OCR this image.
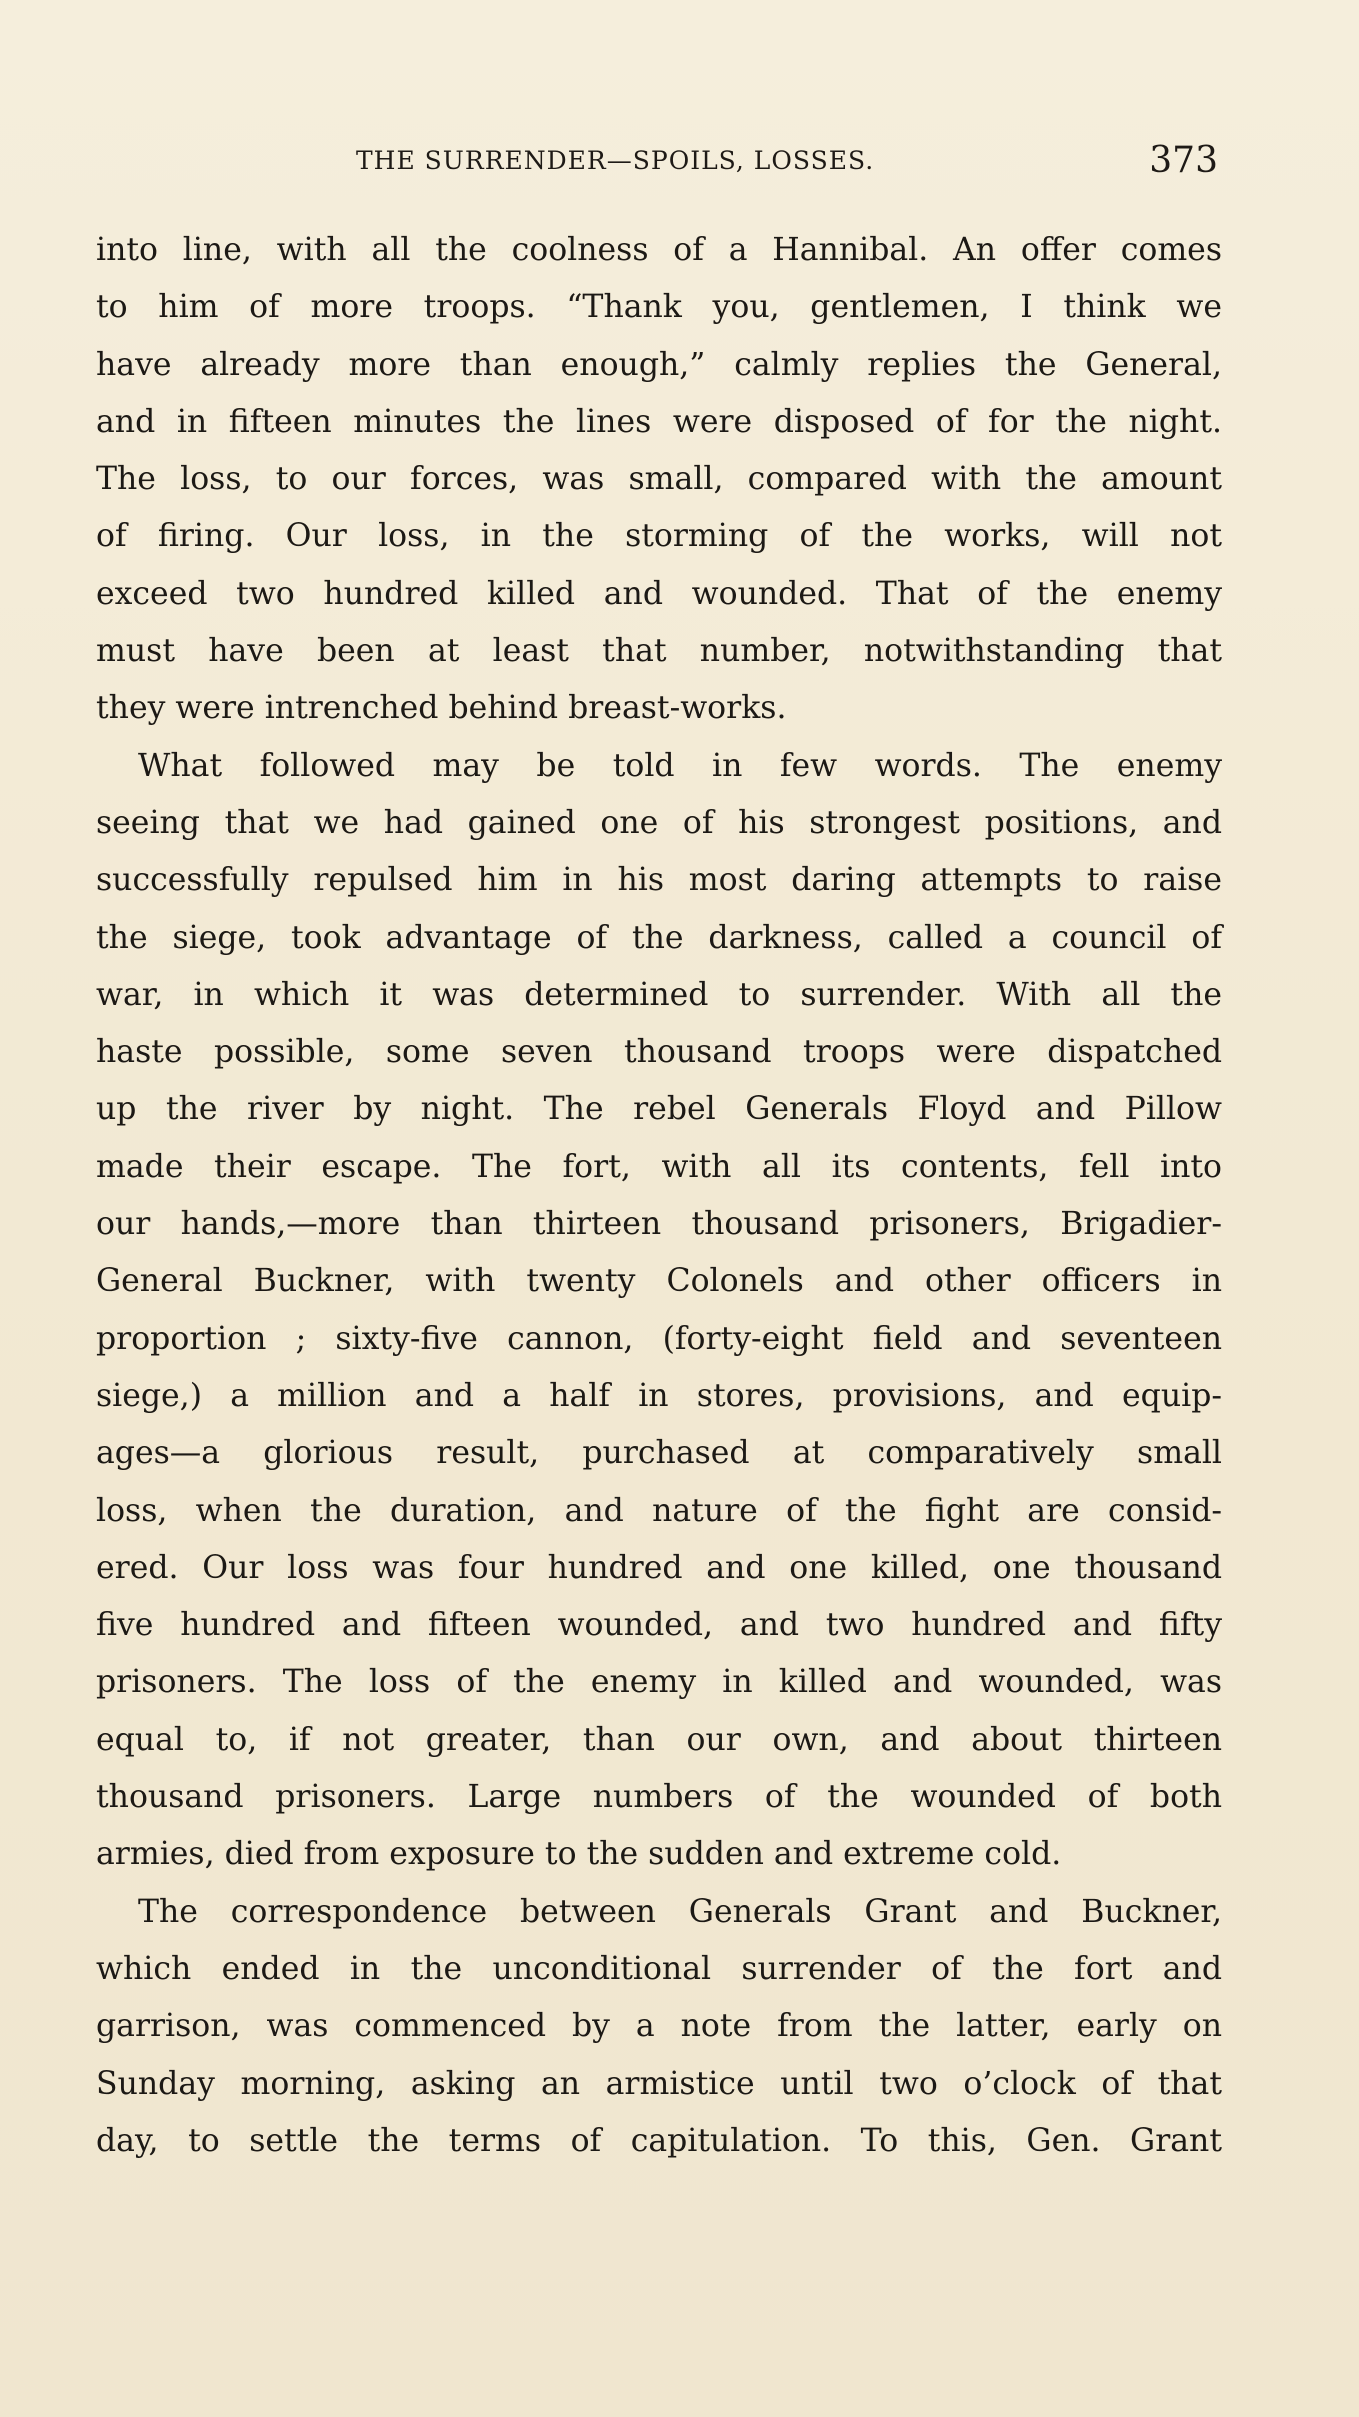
THE SURRENDER—SPOILS, LOSSES.	373
into line, with all the coolness of a Hannibal. An offer comes
to him of more troops. “Thank you, gentlemen, I think we
have already more than enough,” calmly replies the General,
and in fifteen minutes the lines were disposed of for the night.
The loss, to our forces, was small, compared with the amount
of firing. Our loss, in the storming of the works, will not
exceed two hundred killed and wounded. That of the enemy
must have been at least that number, notwithstanding that
they were intrenched behind breast-works.
What followed may be told in few words. The enemy
seeing that we had gained one of his strongest positions, and
successfully repulsed him in his most daring attempts to raise
the siege, took advantage of the darkness, called a council of
war, in which it was determined to surrender. With all the
haste possible, some seven thousand troops were dispatched
up the river by night. The rebel Generals Floyd and Pillow
made their escape. The fort, with all its contents, fell into
our hands,—more than thirteen thousand prisoners, Brigadier-
General Buckner, with twenty Colonels and other officers in
proportion ; sixty-five cannon, (forty-eight field and seventeen
siege,) a million and a half in stores, provisions, and equip-
ages—a glorious result, purchased at comparatively small
loss, when the duration, and nature of the fight are consid-
ered. Our loss was four hundred and one killed, one thousand
five hundred and fifteen wounded, and two hundred and fifty
prisoners. The loss of the enemy in killed and wounded, was
equal to, if not greater, than our own, and about thirteen
thousand prisoners. Large numbers of the wounded of both
armies, died from exposure to the sudden and extreme cold.
The correspondence between Generals Grant and Buckner,
which ended in the unconditional surrender of the fort and
garrison, was commenced by a note from the latter, early on
Sunday morning, asking an armistice until two o’clock of that
day, to settle the terms of capitulation. To this, Gen. Grant
